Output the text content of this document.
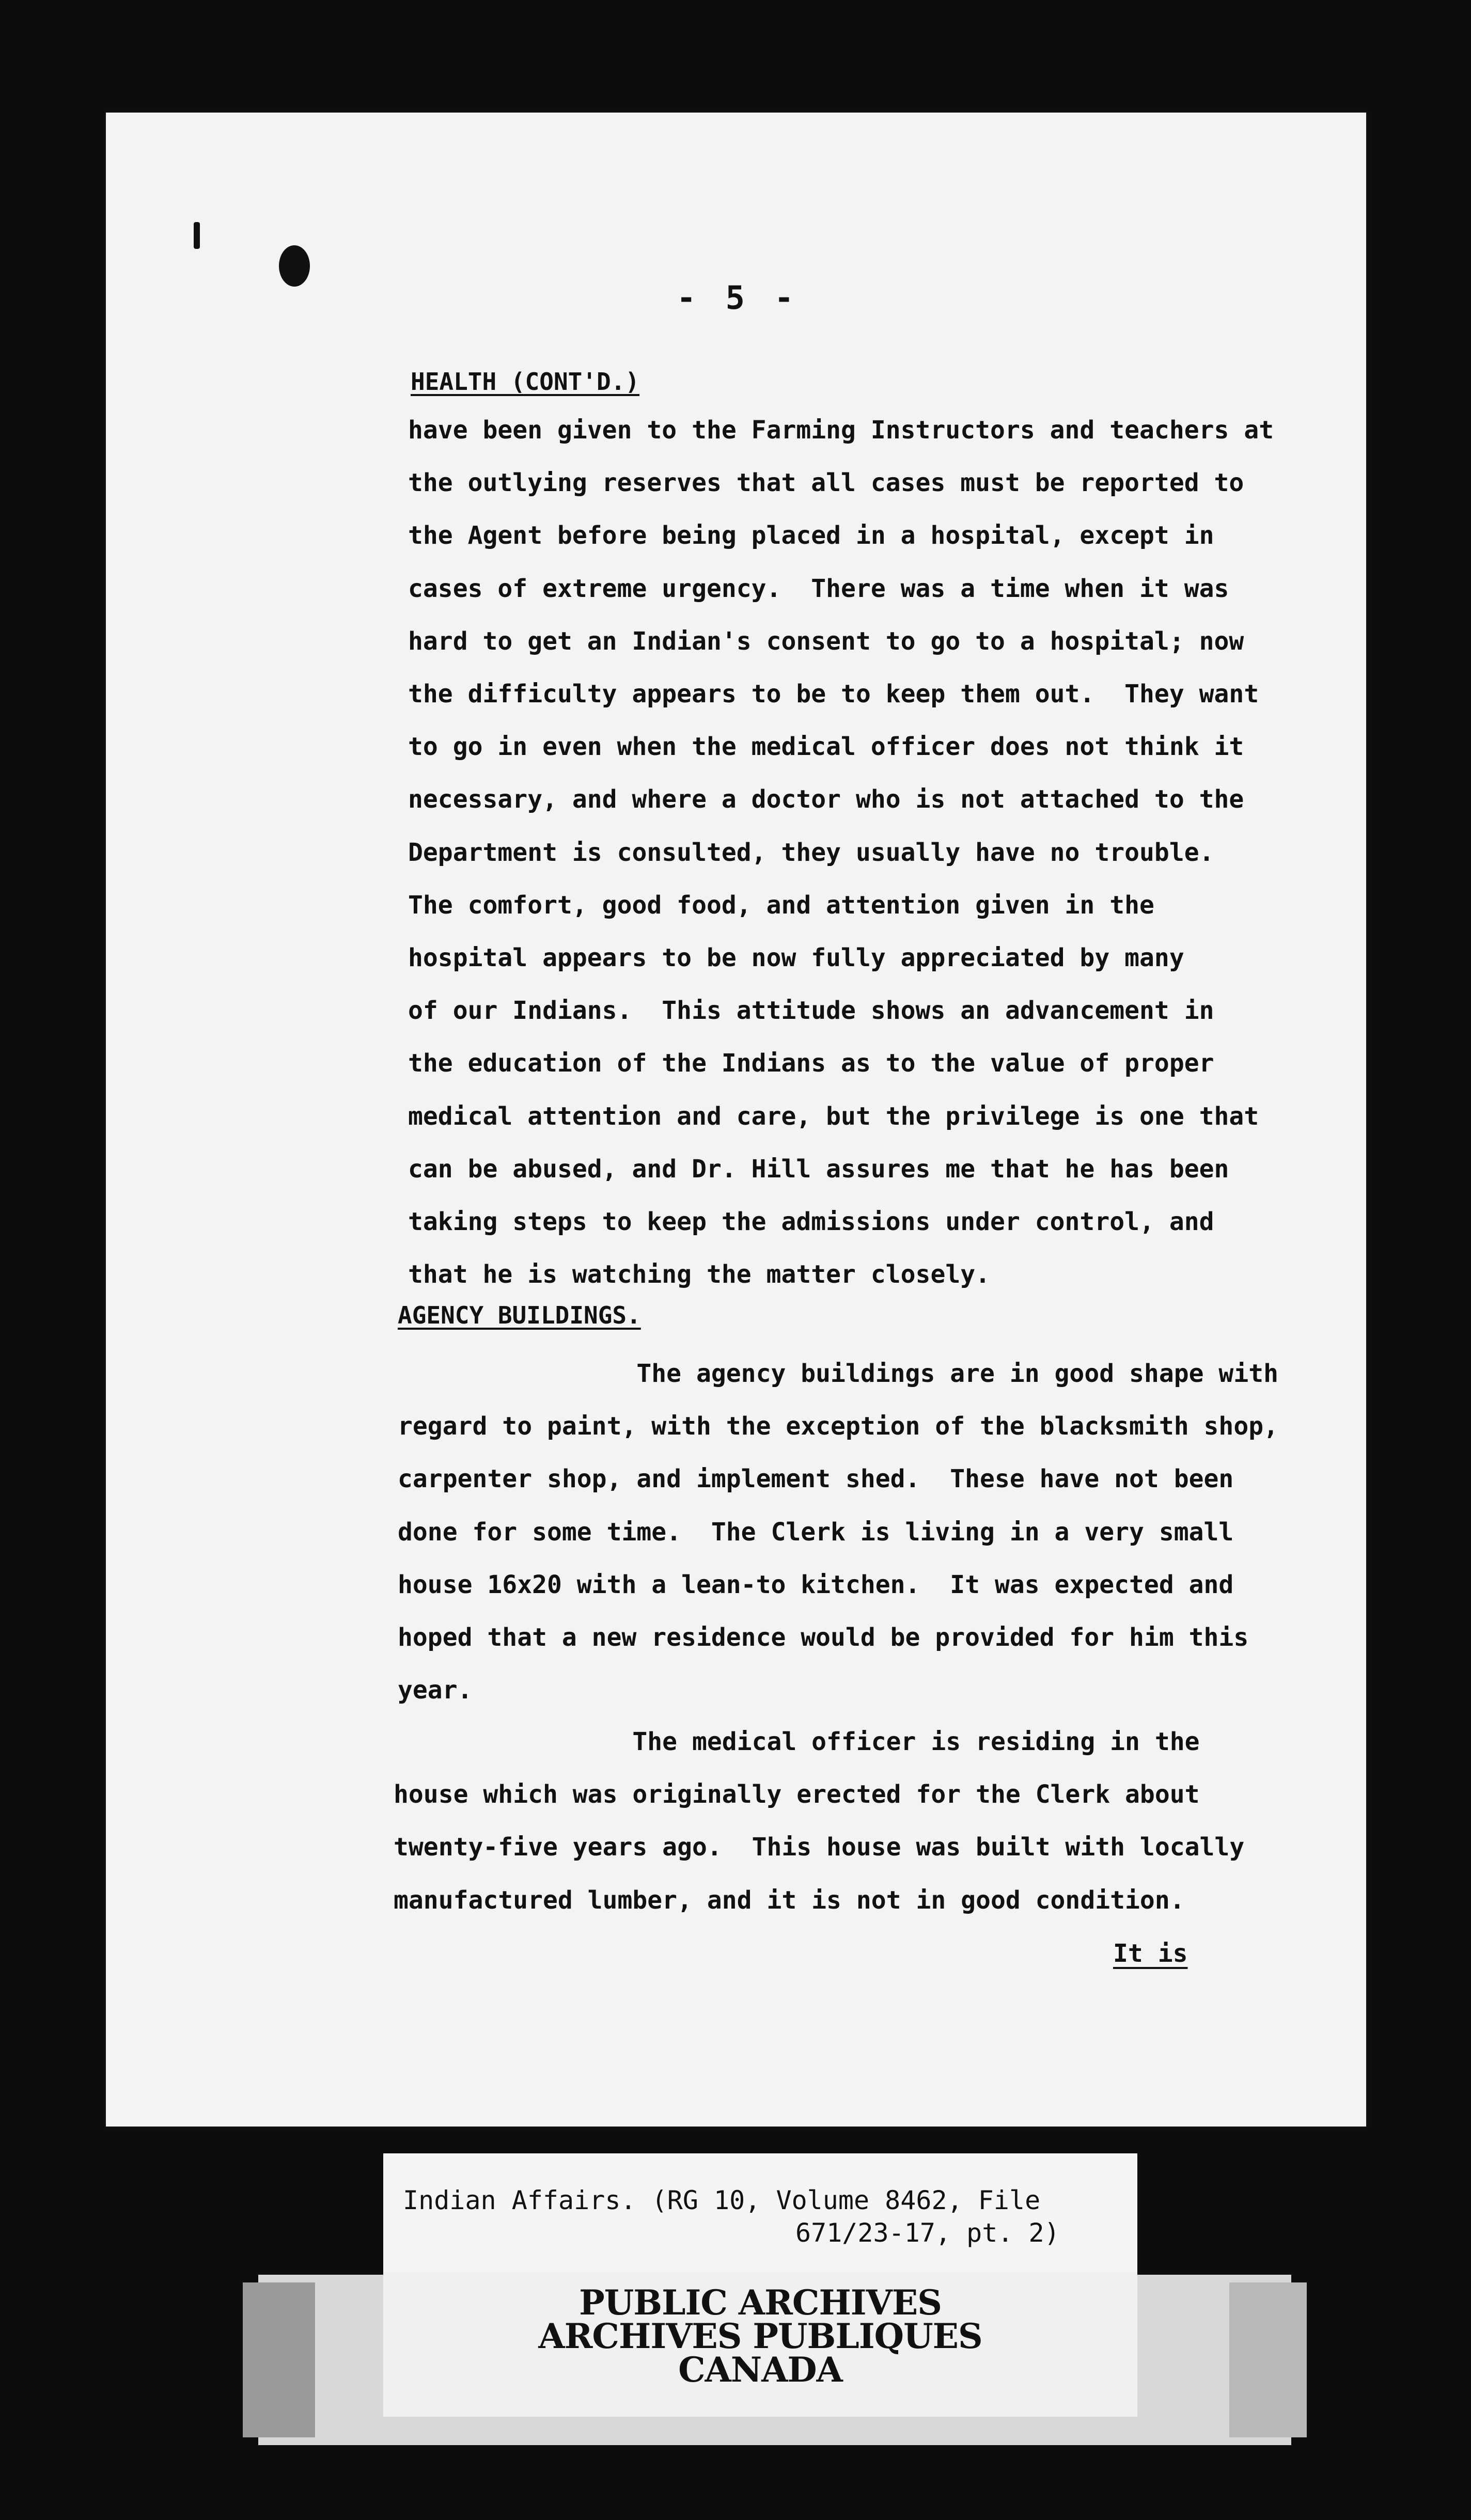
- 5 -
HEALTH (CONT'D.)
have been given to the Farming Instructors and teachers at
the outlying reserves that all cases must be reported to
the Agent before being placed in a hospital, except in
cases of extreme urgency.  There was a time when it was
hard to get an Indian's consent to go to a hospital; now
the difficulty appears to be to keep them out.  They want
to go in even when the medical officer does not think it
necessary, and where a doctor who is not attached to the
Department is consulted, they usually have no trouble.
The comfort, good food, and attention given in the
hospital appears to be now fully appreciated by many
of our Indians.  This attitude shows an advancement in
the education of the Indians as to the value of proper
medical attention and care, but the privilege is one that
can be abused, and Dr. Hill assures me that he has been
taking steps to keep the admissions under control, and
that he is watching the matter closely.
AGENCY BUILDINGS.
The agency buildings are in good shape with
regard to paint, with the exception of the blacksmith shop,
carpenter shop, and implement shed.  These have not been
done for some time.  The Clerk is living in a very small
house 16x20 with a lean-to kitchen.  It was expected and
hoped that a new residence would be provided for him this
year.
The medical officer is residing in the
house which was originally erected for the Clerk about
twenty-five years ago.  This house was built with locally
manufactured lumber, and it is not in good condition.
It is
Indian Affairs. (RG 10, Volume 8462, File
671/23-17, pt. 2)
PUBLIC ARCHIVES
ARCHIVES PUBLIQUES
CANADA
